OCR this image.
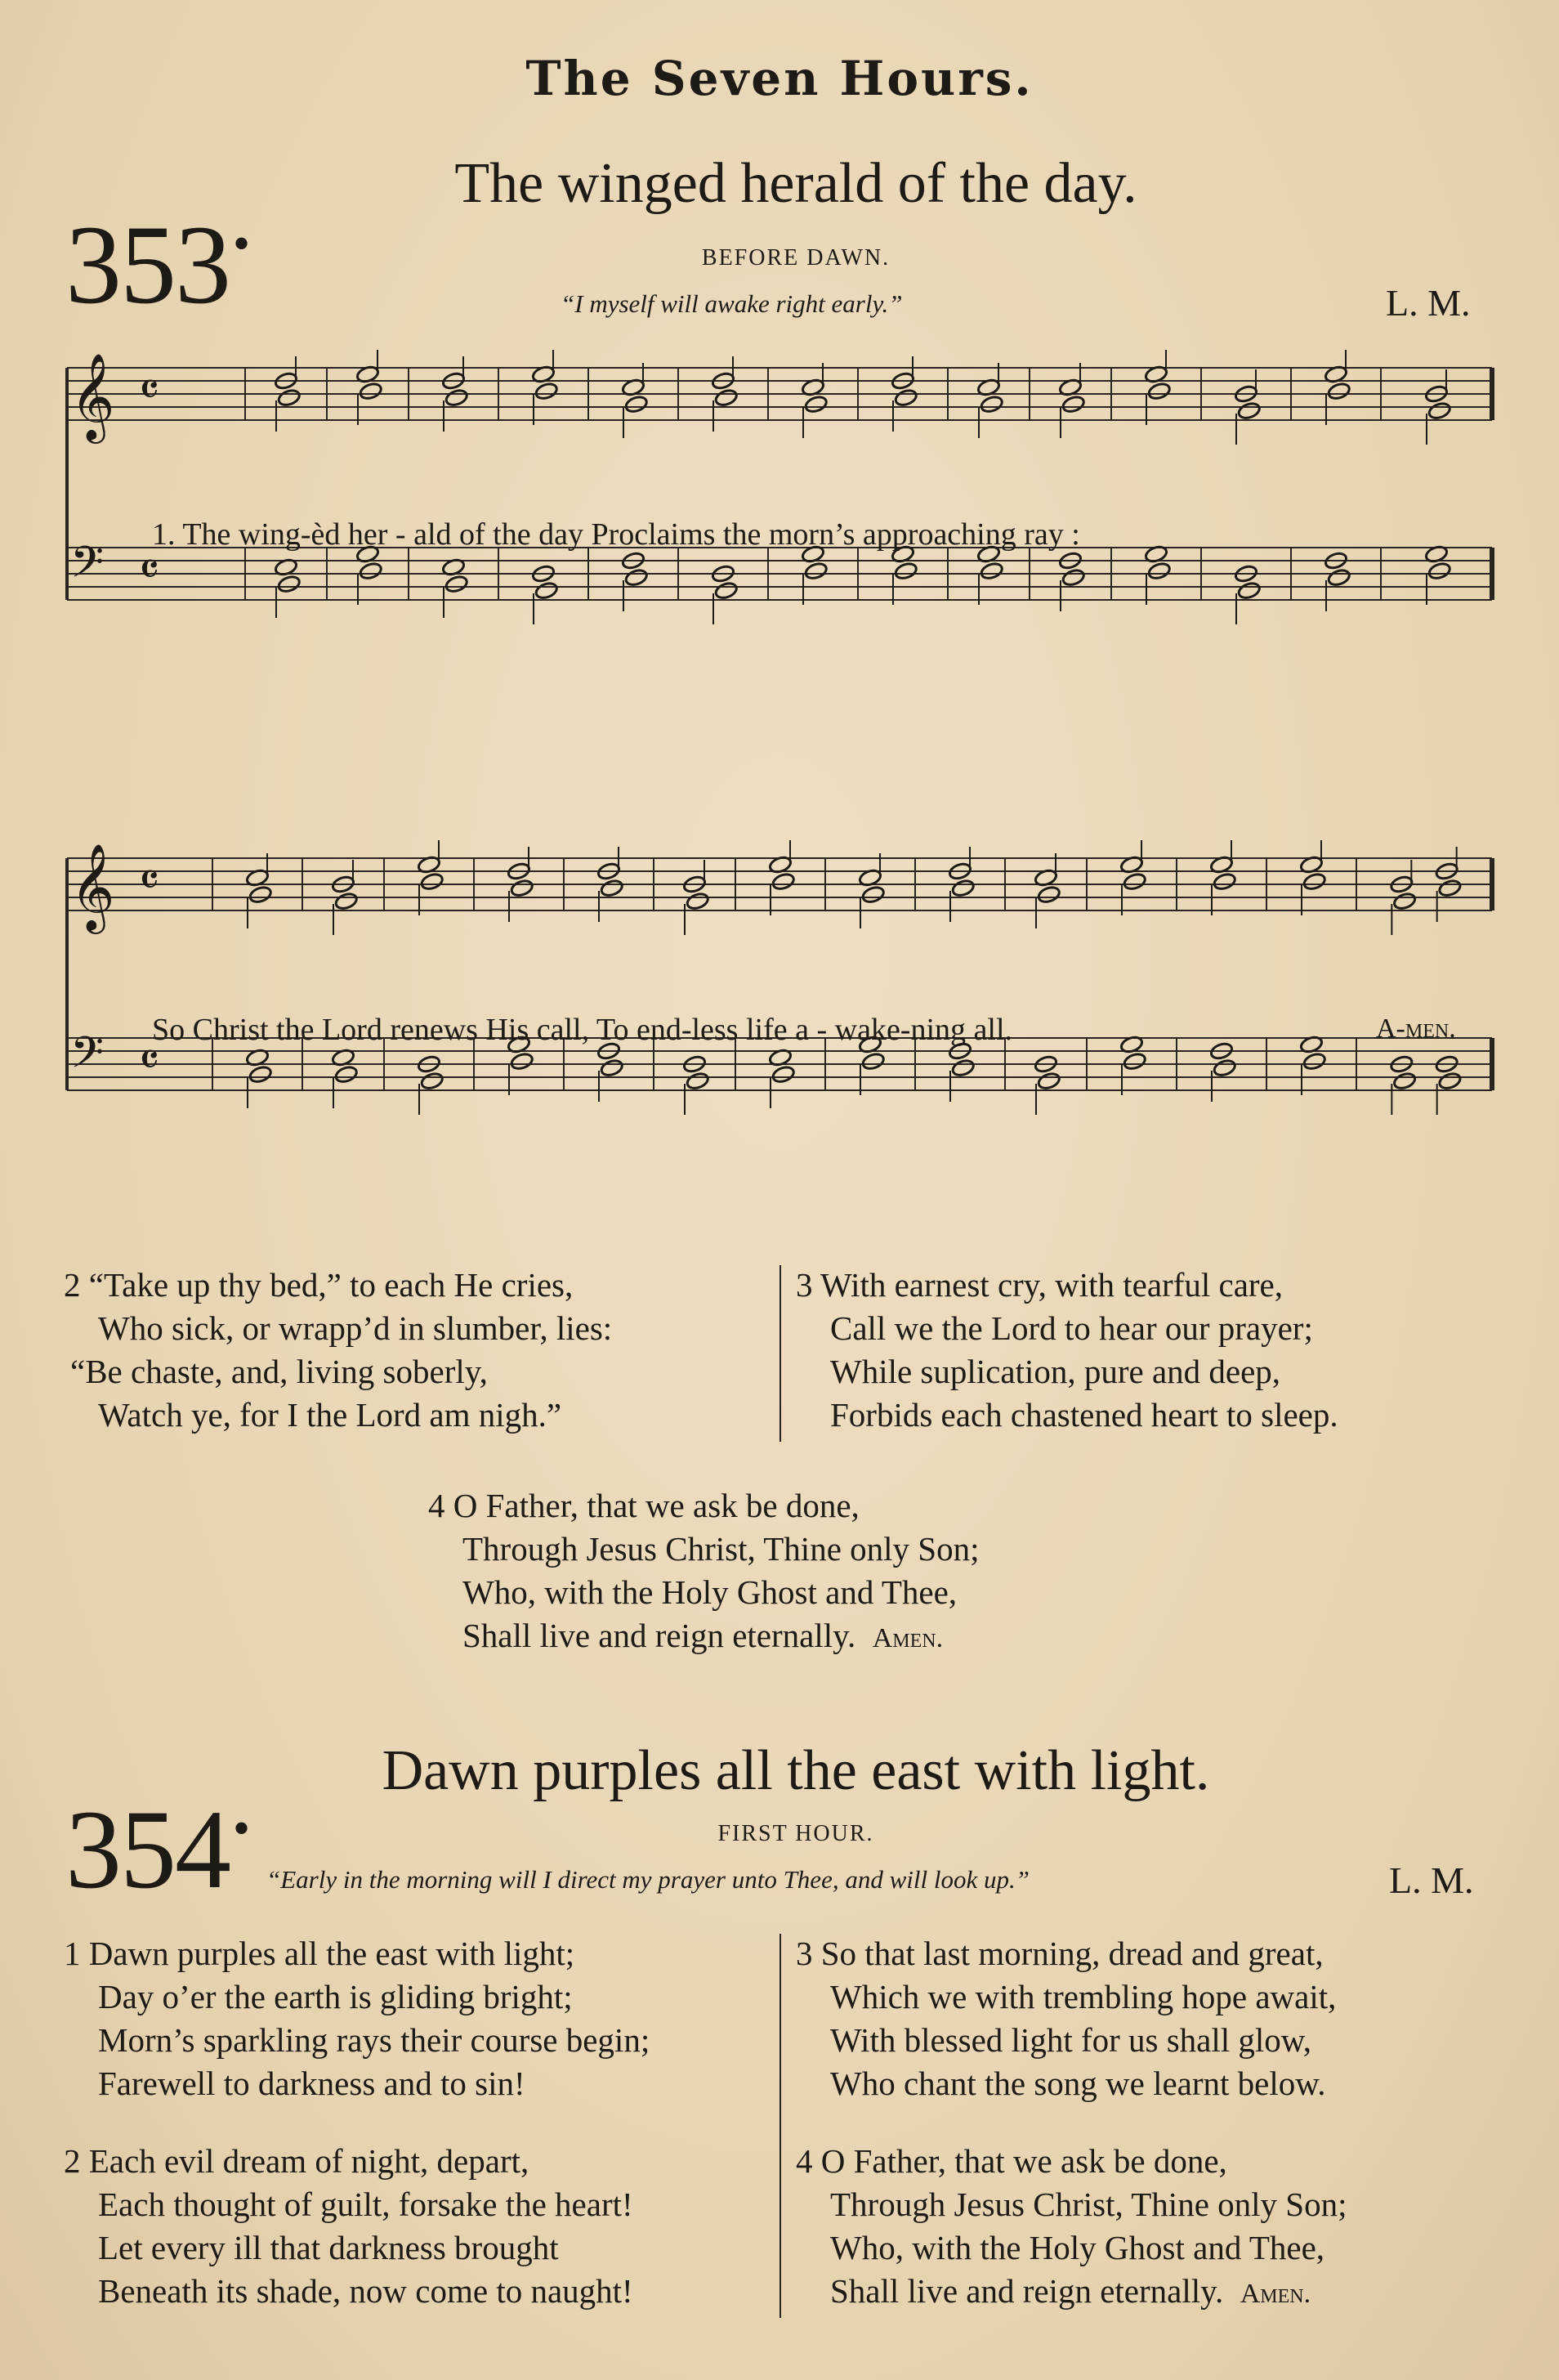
The Seven Hours.
353•
The winged herald of the day.
BEFORE DAWN.
“I myself will awake right early.”	L. M.
𝄞 𝄴
𝄢 𝄴
1. The wing-èd her - ald of the day Proclaims the morn’s approaching ray :
𝄞 𝄴
𝄢 𝄴
So Christ the Lord renews His call, To end-less life a - wake-ning all.	A-men.
2 “Take up thy bed,” to each He cries,
Who sick, or wrapp’d in slumber, lies:
“Be chaste, and, living soberly,
Watch ye, for I the Lord am nigh.”
3 With earnest cry, with tearful care,
Call we the Lord to hear our prayer;
While suplication, pure and deep,
Forbids each chastened heart to sleep.
4 O Father, that we ask be done,
Through Jesus Christ, Thine only Son;
Who, with the Holy Ghost and Thee,
Shall live and reign eternally. Amen.
Dawn purples all the east with light.
354•	FIRST HOUR.
“Early in the morning will I direct my prayer unto Thee, and will look up.”	L. M.
1 Dawn purples all the east with light;
Day o’er the earth is gliding bright;
Morn’s sparkling rays their course begin;
Farewell to darkness and to sin!
2 Each evil dream of night, depart,
Each thought of guilt, forsake the heart!
Let every ill that darkness brought
Beneath its shade, now come to naught!
3 So that last morning, dread and great,
Which we with trembling hope await,
With blessed light for us shall glow,
Who chant the song we learnt below.
4 O Father, that we ask be done,
Through Jesus Christ, Thine only Son;
Who, with the Holy Ghost and Thee,
Shall live and reign eternally. Amen.
